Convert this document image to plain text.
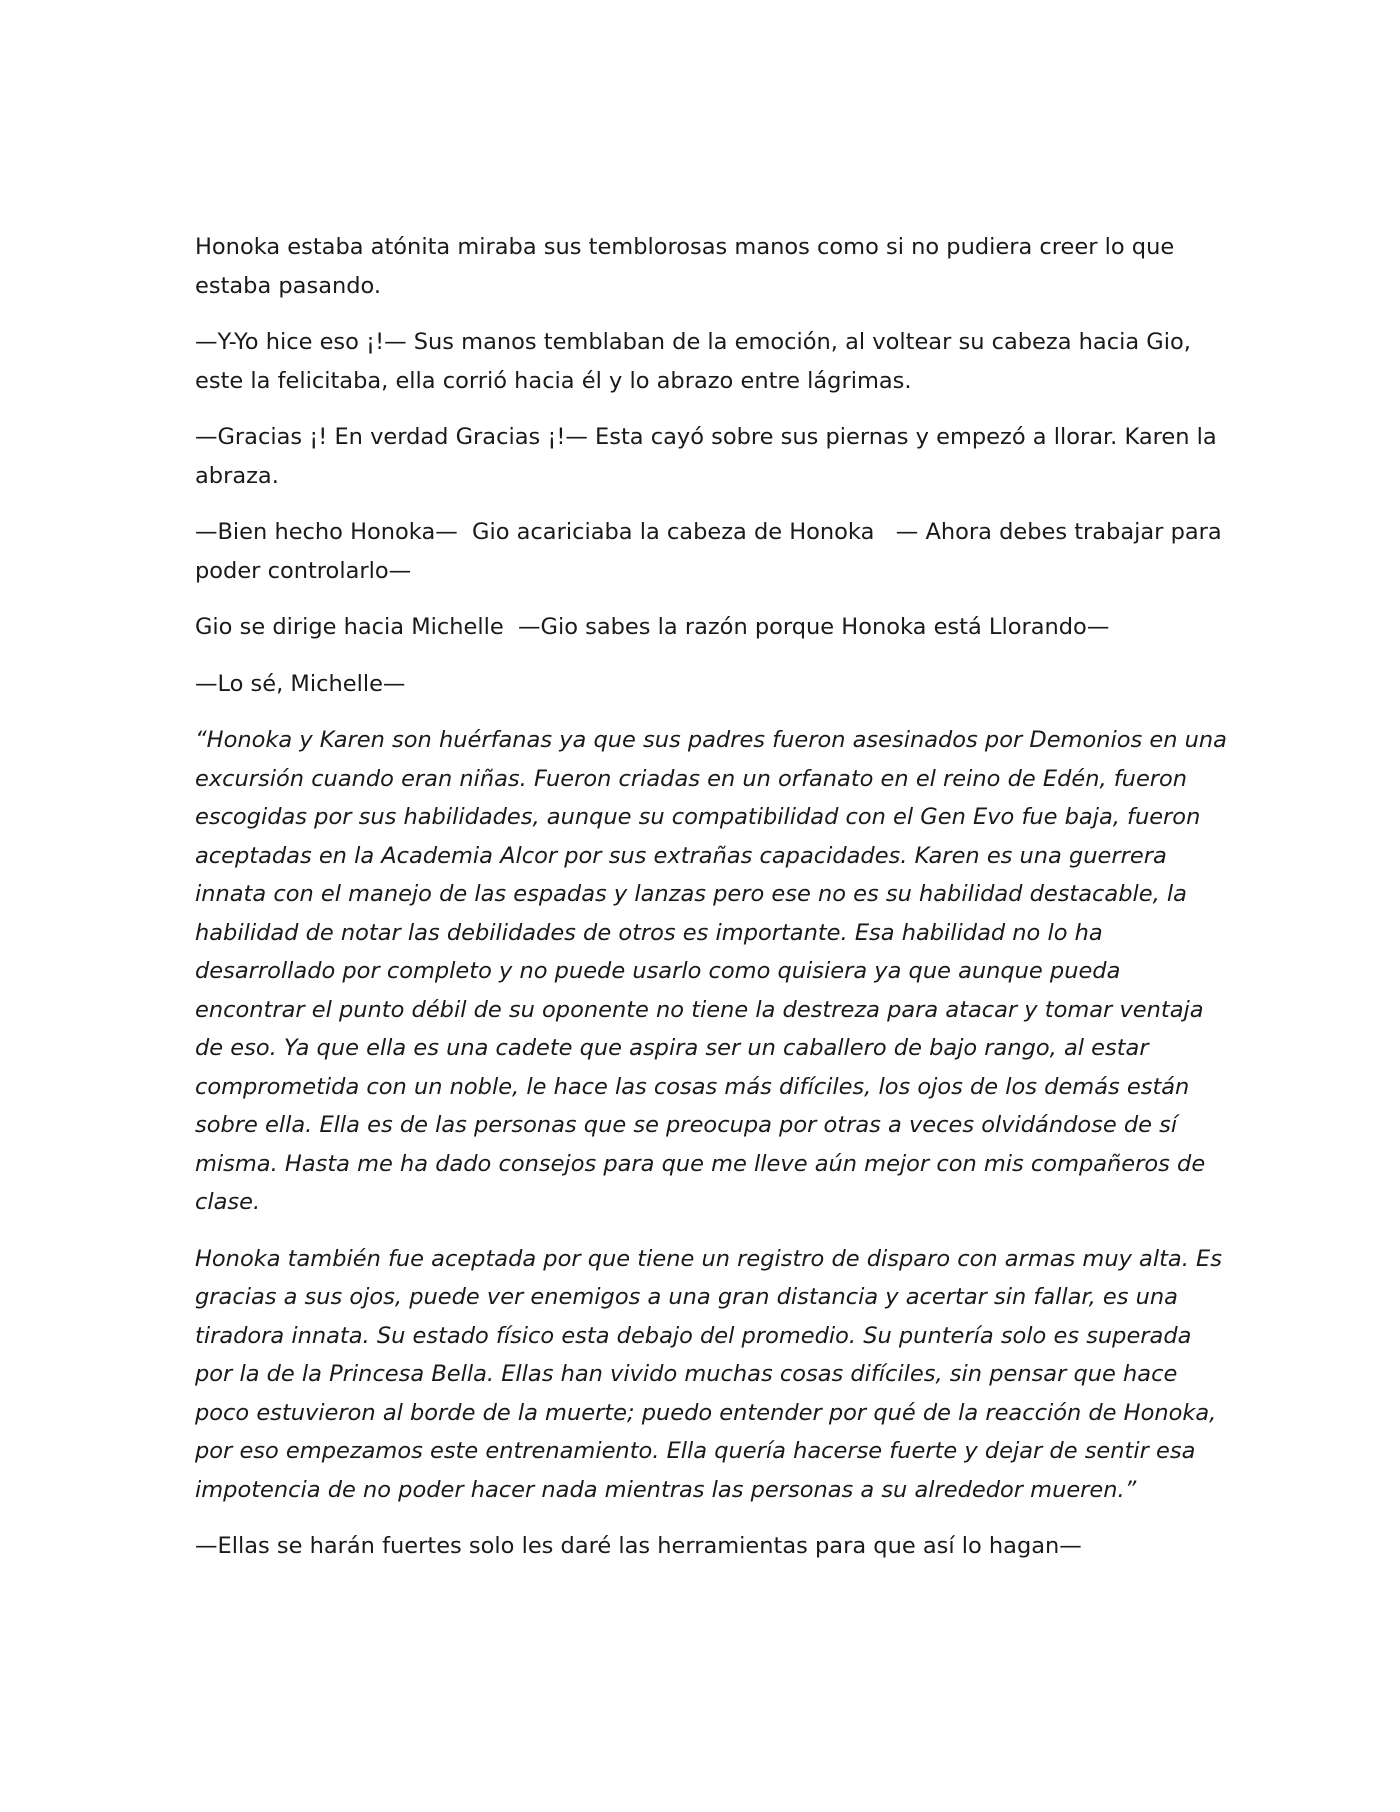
Honoka estaba atónita miraba sus temblorosas manos como si no pudiera creer lo que estaba pasando.

—Y-Yo hice eso ¡!— Sus manos temblaban de la emoción, al voltear su cabeza hacia Gio, este la felicitaba, ella corrió hacia él y lo abrazo entre lágrimas.

—Gracias ¡! En verdad Gracias ¡!— Esta cayó sobre sus piernas y empezó a llorar. Karen la abraza.

—Bien hecho Honoka—  Gio acariciaba la cabeza de Honoka   — Ahora debes trabajar para poder controlarlo—

Gio se dirige hacia Michelle  —Gio sabes la razón porque Honoka está Llorando—

—Lo sé, Michelle—

“Honoka y Karen son huérfanas ya que sus padres fueron asesinados por Demonios en una excursión cuando eran niñas. Fueron criadas en un orfanato en el reino de Edén, fueron escogidas por sus habilidades, aunque su compatibilidad con el Gen Evo fue baja, fueron aceptadas en la Academia Alcor por sus extrañas capacidades. Karen es una guerrera innata con el manejo de las espadas y lanzas pero ese no es su habilidad destacable, la habilidad de notar las debilidades de otros es importante. Esa habilidad no lo ha desarrollado por completo y no puede usarlo como quisiera ya que aunque pueda encontrar el punto débil de su oponente no tiene la destreza para atacar y tomar ventaja de eso. Ya que ella es una cadete que aspira ser un caballero de bajo rango, al estar comprometida con un noble, le hace las cosas más difíciles, los ojos de los demás están sobre ella. Ella es de las personas que se preocupa por otras a veces olvidándose de sí misma. Hasta me ha dado consejos para que me lleve aún mejor con mis compañeros de clase.

Honoka también fue aceptada por que tiene un registro de disparo con armas muy alta. Es gracias a sus ojos, puede ver enemigos a una gran distancia y acertar sin fallar, es una tiradora innata. Su estado físico esta debajo del promedio. Su puntería solo es superada por la de la Princesa Bella. Ellas han vivido muchas cosas difíciles, sin pensar que hace poco estuvieron al borde de la muerte; puedo entender por qué de la reacción de Honoka, por eso empezamos este entrenamiento. Ella quería hacerse fuerte y dejar de sentir esa impotencia de no poder hacer nada mientras las personas a su alrededor mueren.”

—Ellas se harán fuertes solo les daré las herramientas para que así lo hagan—
